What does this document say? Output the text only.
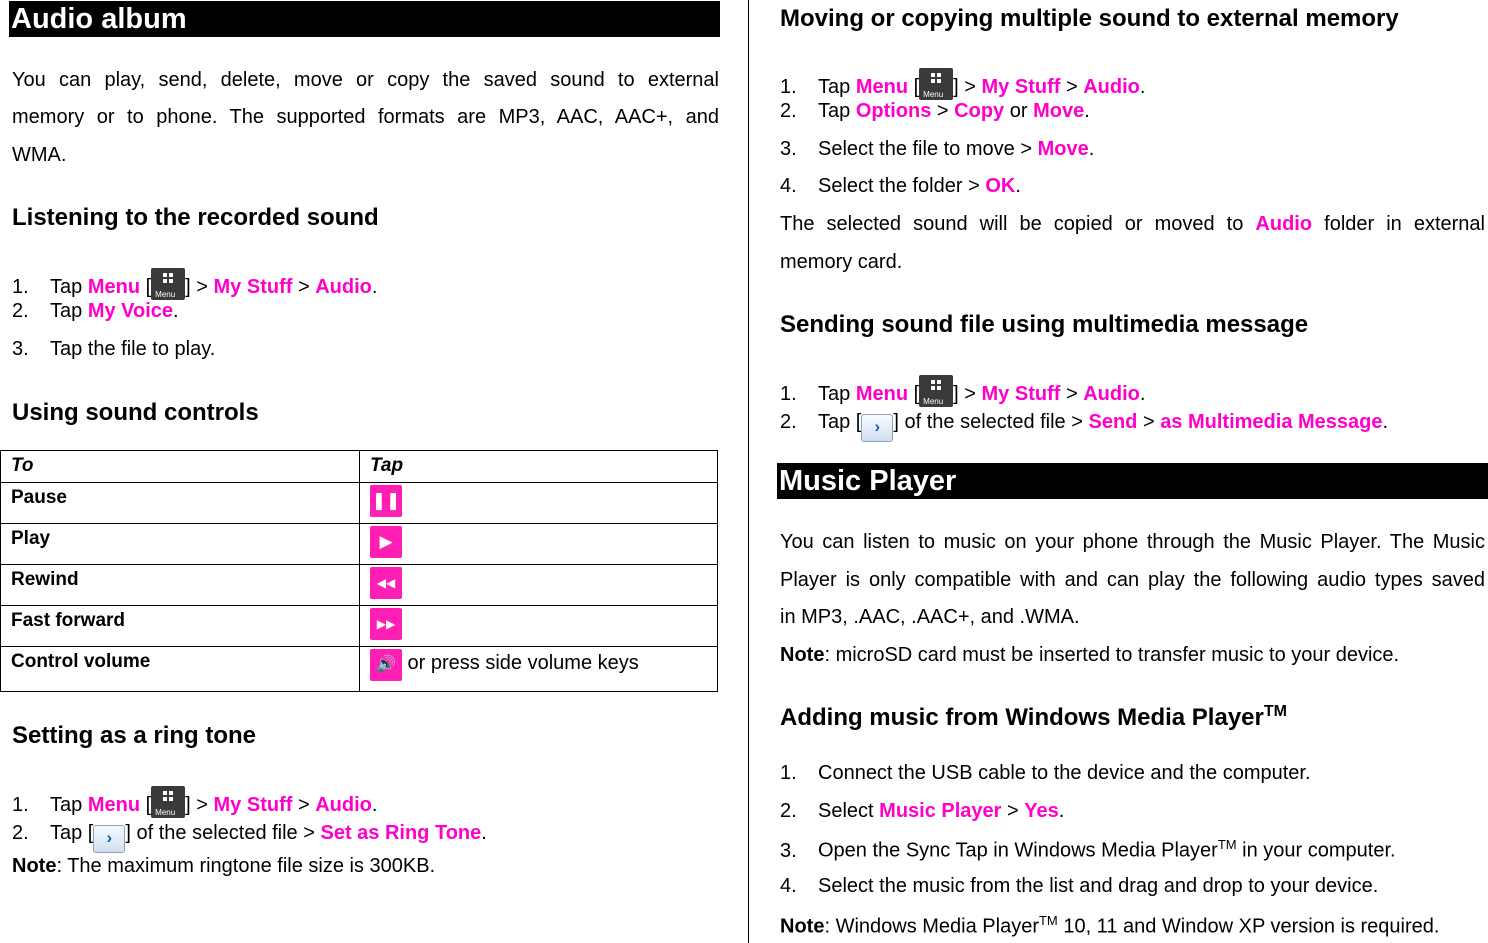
Audio album
You can play, send, delete, move or copy the saved sound to external
memory or to phone. The supported formats are MP3, AAC, AAC+, and
WMA.
Listening to the recorded sound
1. Tap Menu [ Menu ] > My Stuff > Audio.
2. Tap My Voice.
3. Tap the file to play.
Using sound controls
To	Tap
Pause	❚❚
Play	▶
Rewind	◀◀
Fast forward	▶▶
Control volume	🔊 or press side volume keys
Setting as a ring tone
1. Tap Menu [ Menu ] > My Stuff > Audio.
2. Tap [ › ] of the selected file > Set as Ring Tone.
Note: The maximum ringtone file size is 300KB.
Moving or copying multiple sound to external memory
1. Tap Menu [ Menu ] > My Stuff > Audio.
2. Tap Options > Copy or Move.
3. Select the file to move > Move.
4. Select the folder > OK.
The selected sound will be copied or moved to Audio folder in external
memory card.
Sending sound file using multimedia message
1. Tap Menu [ Menu ] > My Stuff > Audio.
2. Tap [ › ] of the selected file > Send > as Multimedia Message.
Music Player
You can listen to music on your phone through the Music Player. The Music
Player is only compatible with and can play the following audio types saved
in MP3, .AAC, .AAC+, and .WMA.
Note: microSD card must be inserted to transfer music to your device.
Adding music from Windows Media Player™
1. Connect the USB cable to the device and the computer.
2. Select Music Player > Yes.
3. Open the Sync Tap in Windows Media Player™ in your computer.
4. Select the music from the list and drag and drop to your device.
Note: Windows Media Player™ 10, 11 and Window XP version is required.
